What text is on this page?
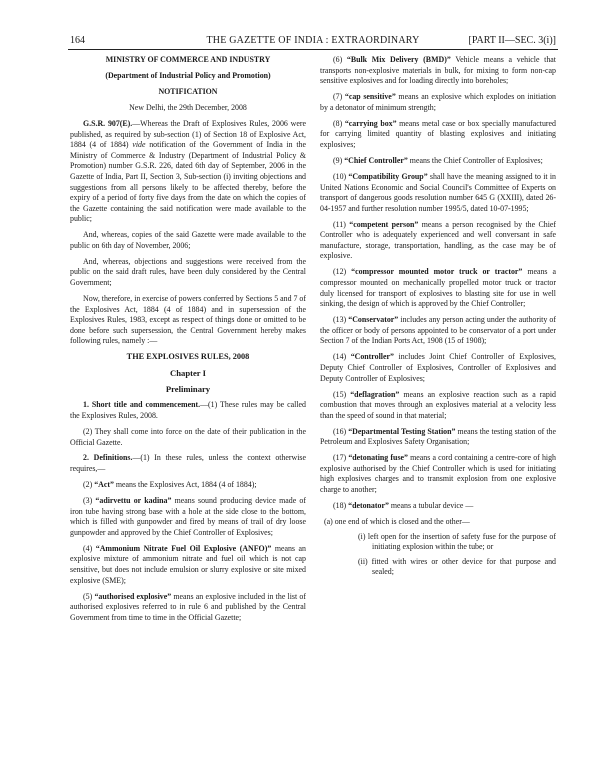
164	THE GAZETTE OF INDIA : EXTRAORDINARY	[PART II—SEC. 3(i)]

MINISTRY OF COMMERCE AND INDUSTRY

(Department of Industrial Policy and Promotion)

NOTIFICATION

New Delhi, the 29th December, 2008

G.S.R. 907(E).—Whereas the Draft of Explosives Rules, 2006 were published, as required by sub-section (1) of Section 18 of Explosive Act, 1884 (4 of 1884) vide notification of the Government of India in the Ministry of Commerce & Industry (Department of Industrial Policy & Promotion) number G.S.R. 226, dated 6th day of September, 2006 in the Gazette of India, Part II, Section 3, Sub-section (i) inviting objections and suggestions from all persons likely to be affected thereby, before the expiry of a period of forty five days from the date on which the copies of the Gazette containing the said notification were made available to the public;

And, whereas, copies of the said Gazette were made available to the public on 6th day of November, 2006;

And, whereas, objections and suggestions were received from the public on the said draft rules, have been duly considered by the Central Government;

Now, therefore, in exercise of powers conferred by Sections 5 and 7 of the Explosives Act, 1884 (4 of 1884) and in supersession of the Explosives Rules, 1983, except as respect of things done or omitted to be done before such supersession, the Central Government hereby makes following rules, namely :—

THE EXPLOSIVES RULES, 2008

Chapter I

Preliminary

1. Short title and commencement.—(1) These rules may be called the Explosives Rules, 2008.

(2) They shall come into force on the date of their publication in the Official Gazette.

2. Definitions.—(1) In these rules, unless the context otherwise requires,—

(2) “Act” means the Explosives Act, 1884 (4 of 1884);

(3) “adirvettu or kadina” means sound producing device made of iron tube having strong base with a hole at the side close to the bottom, which is filled with gunpowder and fired by means of trail of dry loose gunpowder and approved by the Chief Controller of Explosives;

(4) “Ammonium Nitrate Fuel Oil Explosive (ANFO)” means an explosive mixture of ammonium nitrate and fuel oil which is not cap sensitive, but does not include emulsion or slurry explosive or site mixed explosive (SME);

(5) “authorised explosive” means an explosive included in the list of authorised explosives referred to in rule 6 and published by the Central Government from time to time in the Official Gazette;

(6) “Bulk Mix Delivery (BMD)” Vehicle means a vehicle that transports non-explosive materials in bulk, for mixing to form non-cap sensitive explosives and for loading directly into boreholes;

(7) “cap sensitive” means an explosive which explodes on initiation by a detonator of minimum strength;

(8) “carrying box” means metal case or box specially manufactured for carrying limited quantity of blasting explosives and initiating explosives;

(9) “Chief Controller” means the Chief Controller of Explosives;

(10) “Compatibility Group” shall have the meaning assigned to it in United Nations Economic and Social Council's Committee of Experts on transport of dangerous goods resolution number 645 G (XXIII), dated 26-04-1957 and further resolution number 1995/5, dated 10-07-1995;

(11) “competent person” means a person recognised by the Chief Controller who is adequately experienced and well conversant in safe manufacture, storage, transportation, handling, as the case may be of explosive.

(12) “compressor mounted motor truck or tractor” means a compressor mounted on mechanically propelled motor truck or tractor duly licensed for transport of explosives to blasting site for use in well sinking, the design of which is approved by the Chief Controller;

(13) “Conservator” includes any person acting under the authority of the officer or body of persons appointed to be conservator of a port under Section 7 of the Indian Ports Act, 1908 (15 of 1908);

(14) “Controller” includes Joint Chief Controller of Explosives, Deputy Chief Controller of Explosives, Controller of Explosives and Deputy Controller of Explosives;

(15) “deflagration” means an explosive reaction such as a rapid combustion that moves through an explosives material at a velocity less than the speed of sound in that material;

(16) “Departmental Testing Station” means the testing station of the Petroleum and Explosives Safety Organisation;

(17) “detonating fuse” means a cord containing a centre-core of high explosive authorised by the Chief Controller which is used for initiating high explosives charges and to transmit explosion from one explosive charge to another;

(18) “detonator” means a tubular device —

(a) one end of which is closed and the other—

(i) left open for the insertion of safety fuse for the purpose of initiating explosion within the tube; or

(ii) fitted with wires or other device for that purpose and sealed;
